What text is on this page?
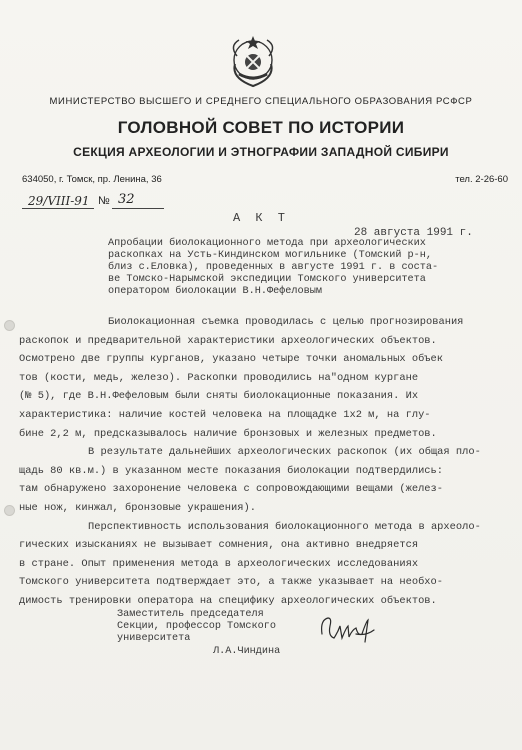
МИНИСТЕРСТВО ВЫСШЕГО И СРЕДНЕГО СПЕЦИАЛЬНОГО ОБРАЗОВАНИЯ РСФСР
ГОЛОВНОЙ СОВЕТ ПО ИСТОРИИ
СЕКЦИЯ АРХЕОЛОГИИ И ЭТНОГРАФИИ ЗАПАДНОЙ СИБИРИ
634050, г. Томск, пр. Ленина, 36	тел. 2-26-60
29/VIII-91 № 32
А К Т
28 августа 1991 г.
Апробации биолокационного метода при археологических
раскопках на Усть-Киндинском могильнике (Томский р-н,
близ с.Еловка), проведенных в августе 1991 г. в соста-
ве Томско-Нарымской экспедиции Томского университета
оператором биолокации В.Н.Фефеловым
Биолокационная съемка проводилась с целью прогнозирования
раскопок и предварительной характеристики археологических объектов.
Осмотрено две группы курганов, указано четыре точки аномальных объек
тов (кости, медь, железо). Раскопки проводились на"одном кургане
(№ 5), где В.Н.Фефеловым были сняты биолокационные показания. Их
характеристика: наличие костей человека на площадке 1х2 м, на глу-
бине 2,2 м, предсказывалось наличие бронзовых и железных предметов.
В результате дальнейших археологических раскопок (их общая пло-
щадь 80 кв.м.) в указанном месте показания биолокации подтвердились:
там обнаружено захоронение человека с сопровождающими вещами (желез-
ные нож, кинжал, бронзовые украшения).
Перспективность использования биолокационного метода в археоло-
гических изысканиях не вызывает сомнения, она активно внедряется
в стране. Опыт применения метода в археологических исследованиях
Томского университета подтверждает это, а также указывает на необхо-
димость тренировки оператора на специфику археологических объектов.
Заместитель председателя
Секции, профессор Томского
университета
Л.А.Чиндина
